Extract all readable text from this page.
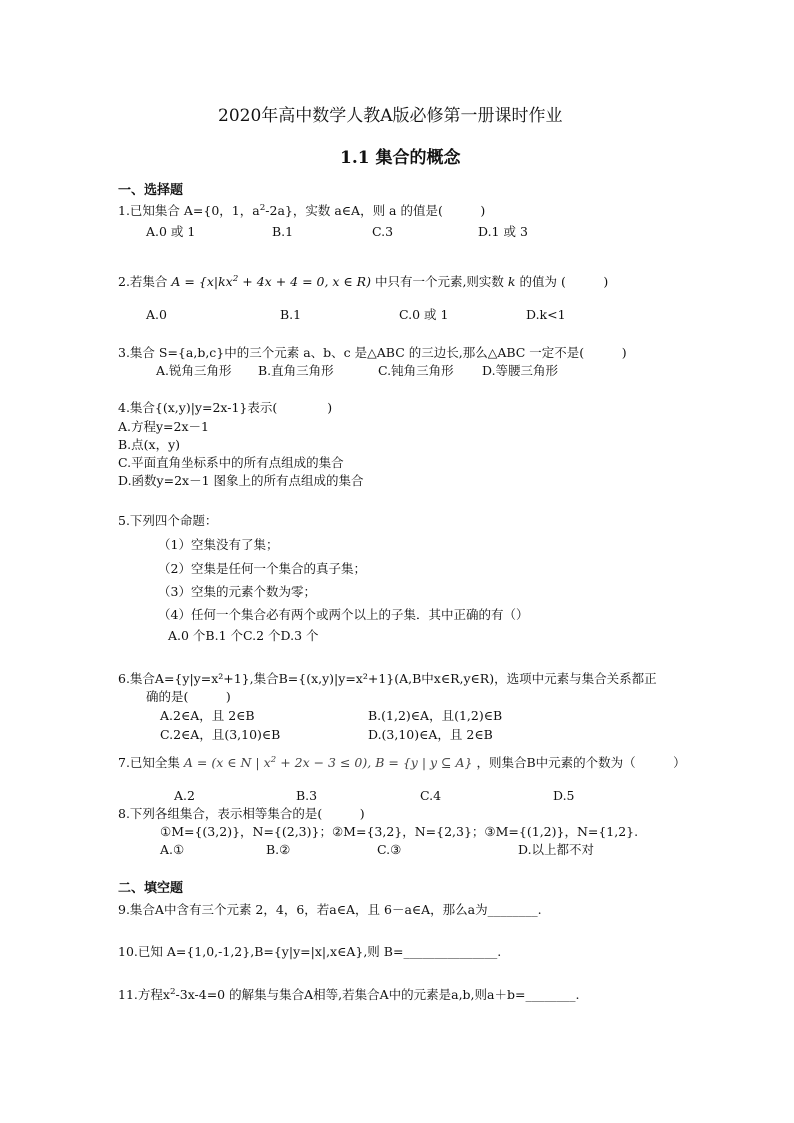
2020年高中数学人教A版必修第一册课时作业
1.1 集合的概念
一、选择题
1.已知集合 A={0，1，$a^2-2a$}，实数 a∈A，则 a 的值是(　　　)
A.0 或 1	B.1	C.3	D.1 或 3
2.若集合 $A = \{x|kx^2 + 4x + 4 = 0$, x ∈ R) 中只有一个元素,则实数 k 的值为 (　　　)
A.0	B.1	C.0 或 1	D.k<1
3.集合 S={a,b,c}中的三个元素 a、b、c 是△ABC 的三边长,那么△ABC 一定不是(　　　)
A.锐角三角形 B.直角三角形	C.钝角三角形 D.等腰三角形
4.集合{(x,y)|y=2x-1}表示(　　　　)
A.方程y=2x－1
B.点(x，y)
C.平面直角坐标系中的所有点组成的集合
D.函数y=2x－1 图象上的所有点组成的集合
5.下列四个命题：
（1）空集没有了集；
（2）空集是任何一个集合的真子集；
（3）空集的元素个数为零；
（4）任何一个集合必有两个或两个以上的子集．其中正确的有（）
A.0 个B.1 个C.2 个D.3 个
6.集合A={y|y=x²+1},集合B={(x,y)|y=x²+1}(A,B中x∈R,y∈R)，选项中元素与集合关系都正
确的是(　　　)
A.2∈A，且 2∈B	B.(1,2)∈A，且(1,2)∈B
C.2∈A，且(3,10)∈B	D.(3,10)∈A，且 2∈B
7.已知全集 A = (x ∈ N | $x^2 + 2x - 3 \le 0$), B = {y | y ⊆ A} ，则集合B中元素的个数为（　　　）
A.2	B.3	C.4	D.5
8.下列各组集合，表示相等集合的是(　　　)
①M={(3,2)}，N={(2,3)}；②M={3,2}，N={2,3}；③M={(1,2)}，N={1,2}.
A.①	B.②	C.③	D.以上都不对
二、填空题
9.集合A中含有三个元素 2，4，6，若a∈A，且 6－a∈A，那么a为________.
10.已知 A={1,0,-1,2},B={y|y=|x|,x∈A},则 B=_______________.
11.方程$x^2-3x-4=0$ 的解集与集合A相等,若集合A中的元素是a,b,则a＋b=________.
